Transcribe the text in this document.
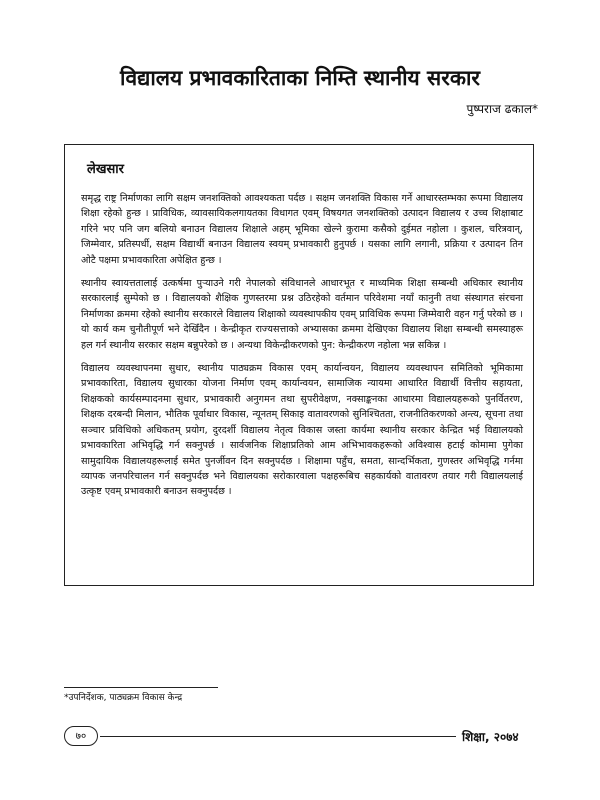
विद्यालय प्रभावकारिताका निम्ति स्थानीय सरकार
पुष्पराज ढकाल*
लेखसार

समृद्ध राष्ट्र निर्माणका लागि सक्षम जनशक्तिको आवश्यकता पर्दछ । सक्षम जनशक्ति विकास गर्ने आधारस्तम्भका रूपमा विद्यालय शिक्षा रहेको हुन्छ । प्राविधिक, व्यावसायिकलगायतका विधागत एवम् विषयगत जनशक्तिको उत्पादन विद्यालय र उच्च शिक्षाबाट गरिने भए पनि जग बलियो बनाउन विद्यालय शिक्षाले अहम् भूमिका खेल्ने कुरामा कसैको दुईमत नहोला । कुशल, चरित्रवान्, जिम्मेवार, प्रतिस्पर्धी, सक्षम विद्यार्थी बनाउन विद्यालय स्वयम् प्रभावकारी हुनुपर्छ । यसका लागि लगानी, प्रक्रिया र उत्पादन तिन ओटै पक्षमा प्रभावकारिता अपेक्षित हुन्छ ।

स्थानीय स्वायत्ततालाई उत्कर्षमा पुऱ्याउने गरी नेपालको संविधानले आधारभूत र माध्यमिक शिक्षा सम्बन्धी अधिकार स्थानीय सरकारलाई सुम्पेको छ । विद्यालयको शैक्षिक गुणस्तरमा प्रश्न उठिरहेको वर्तमान परिवेशमा नयाँ कानुनी तथा संस्थागत संरचना निर्माणका क्रममा रहेको स्थानीय सरकारले विद्यालय शिक्षाको व्यवस्थापकीय एवम् प्राविधिक रूपमा जिम्मेवारी वहन गर्नु परेको छ । यो कार्य कम चुनौतीपूर्ण भने देखिँदैन । केन्द्रीकृत राज्यसत्ताको अभ्यासका क्रममा देखिएका विद्यालय शिक्षा सम्बन्धी समस्याहरू हल गर्न स्थानीय सरकार सक्षम बन्नुपरेको छ । अन्यथा विकेन्द्रीकरणको पुन: केन्द्रीकरण नहोला भन्न सकिन्न ।

विद्यालय व्यवस्थापनमा सुधार, स्थानीय पाठ्यक्रम विकास एवम् कार्यान्वयन, विद्यालय व्यवस्थापन समितिको भूमिकामा प्रभावकारिता, विद्यालय सुधारका योजना निर्माण एवम् कार्यान्वयन, सामाजिक न्यायमा आधारित विद्यार्थी वित्तीय सहायता, शिक्षकको कार्यसम्पादनमा सुधार, प्रभावकारी अनुगमन तथा सुपरीवेक्षण, नक्साङ्कनका आधारमा विद्यालयहरूको पुनर्वितरण, शिक्षक दरबन्दी मिलान, भौतिक पूर्वाधार विकास, न्यूनतम् सिकाइ वातावरणको सुनिश्चितता, राजनीतिकरणको अन्त्य, सूचना तथा सञ्चार प्रविधिको अधिकतम् प्रयोग, दुरदर्शी विद्यालय नेतृत्व विकास जस्ता कार्यमा स्थानीय सरकार केन्द्रित भई विद्यालयको प्रभावकारिता अभिवृद्धि गर्न सक्नुपर्छ । सार्वजनिक शिक्षाप्रतिको आम अभिभावकहरूको अविश्वास हटाई कोमामा पुगेका सामुदायिक विद्यालयहरूलाई समेत पुनर्जीवन दिन सक्नुपर्दछ । शिक्षामा पहुँच, समता, सान्दर्भिकता, गुणस्तर अभिवृद्धि गर्नमा व्यापक जनपरिचालन गर्न सक्नुपर्दछ भने विद्यालयका सरोकारवाला पक्षहरूबिच सहकार्यको वातावरण तयार गरी विद्यालयलाई उत्कृष्ट एवम् प्रभावकारी बनाउन सक्नुपर्दछ ।

*उपनिर्देशक, पाठ्यक्रम विकास केन्द्र
७०	शिक्षा, २०७४
